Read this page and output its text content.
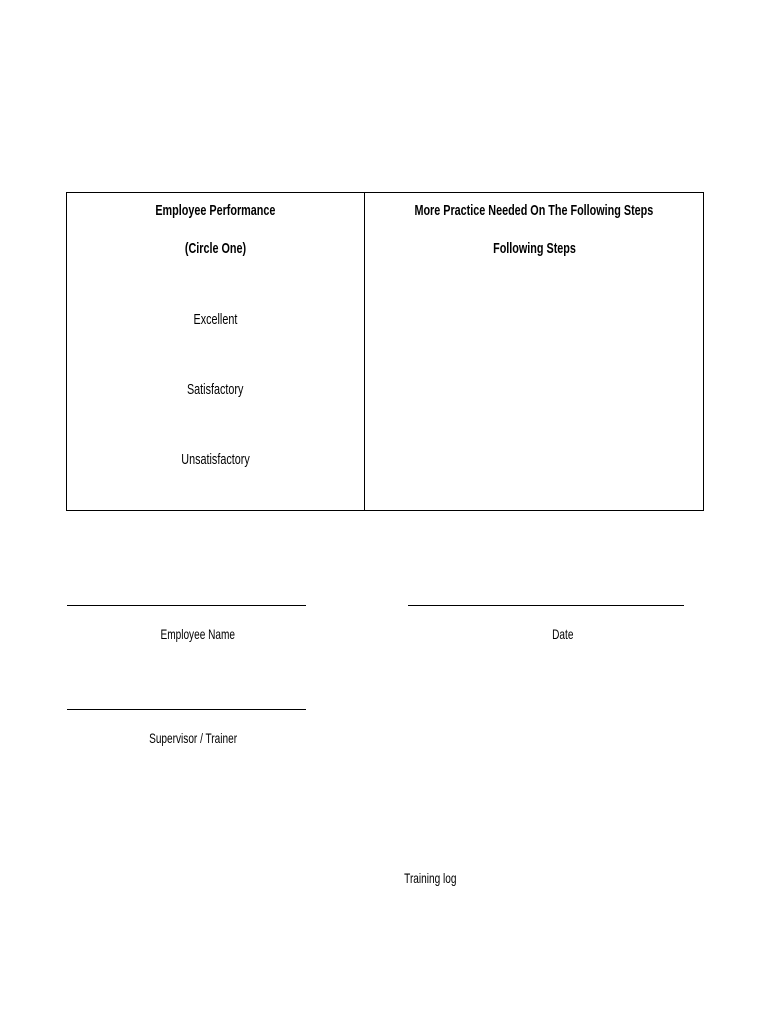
Employee Performance
(Circle One)
Excellent
Satisfactory
Unsatisfactory
More Practice Needed On The Following Steps
Following Steps
Employee Name	Date
Supervisor / Trainer
Training log
